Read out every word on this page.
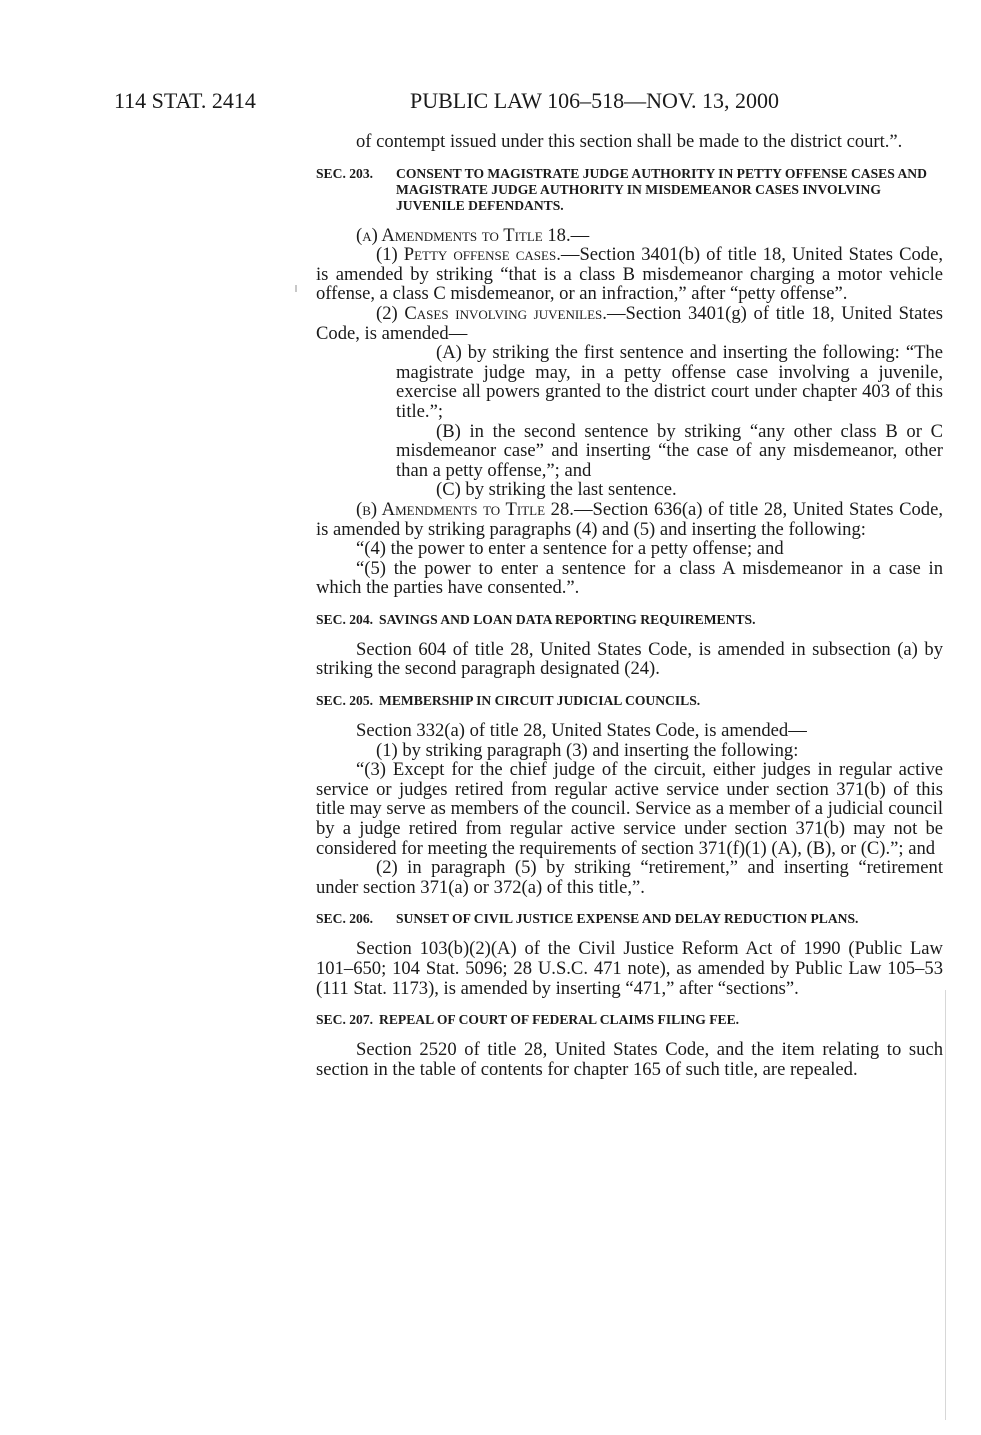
114 STAT. 2414	PUBLIC LAW 106–518—NOV. 13, 2000

of contempt issued under this section shall be made to the district court.”.

SEC. 203. CONSENT TO MAGISTRATE JUDGE AUTHORITY IN PETTY OFFENSE CASES AND MAGISTRATE JUDGE AUTHORITY IN MISDEMEANOR CASES INVOLVING JUVENILE DEFENDANTS.

(a) Amendments to Title 18.—

(1) Petty offense cases.—Section 3401(b) of title 18, United States Code, is amended by striking “that is a class B misdemeanor charging a motor vehicle offense, a class C misdemeanor, or an infraction,” after “petty offense”.

(2) Cases involving juveniles.—Section 3401(g) of title 18, United States Code, is amended—

(A) by striking the first sentence and inserting the following: “The magistrate judge may, in a petty offense case involving a juvenile, exercise all powers granted to the district court under chapter 403 of this title.”;

(B) in the second sentence by striking “any other class B or C misdemeanor case” and inserting “the case of any misdemeanor, other than a petty offense,”; and

(C) by striking the last sentence.

(b) Amendments to Title 28.—Section 636(a) of title 28, United States Code, is amended by striking paragraphs (4) and (5) and inserting the following:

“(4) the power to enter a sentence for a petty offense; and

“(5) the power to enter a sentence for a class A misdemeanor in a case in which the parties have consented.”.

SEC. 204. SAVINGS AND LOAN DATA REPORTING REQUIREMENTS.

Section 604 of title 28, United States Code, is amended in subsection (a) by striking the second paragraph designated (24).

SEC. 205. MEMBERSHIP IN CIRCUIT JUDICIAL COUNCILS.

Section 332(a) of title 28, United States Code, is amended—

(1) by striking paragraph (3) and inserting the following:

“(3) Except for the chief judge of the circuit, either judges in regular active service or judges retired from regular active service under section 371(b) of this title may serve as members of the council. Service as a member of a judicial council by a judge retired from regular active service under section 371(b) may not be considered for meeting the requirements of section 371(f)(1) (A), (B), or (C).”; and

(2) in paragraph (5) by striking “retirement,” and inserting “retirement under section 371(a) or 372(a) of this title,”.

SEC. 206. SUNSET OF CIVIL JUSTICE EXPENSE AND DELAY REDUCTION PLANS.

Section 103(b)(2)(A) of the Civil Justice Reform Act of 1990 (Public Law 101–650; 104 Stat. 5096; 28 U.S.C. 471 note), as amended by Public Law 105–53 (111 Stat. 1173), is amended by inserting “471,” after “sections”.

SEC. 207. REPEAL OF COURT OF FEDERAL CLAIMS FILING FEE.

Section 2520 of title 28, United States Code, and the item relating to such section in the table of contents for chapter 165 of such title, are repealed.
